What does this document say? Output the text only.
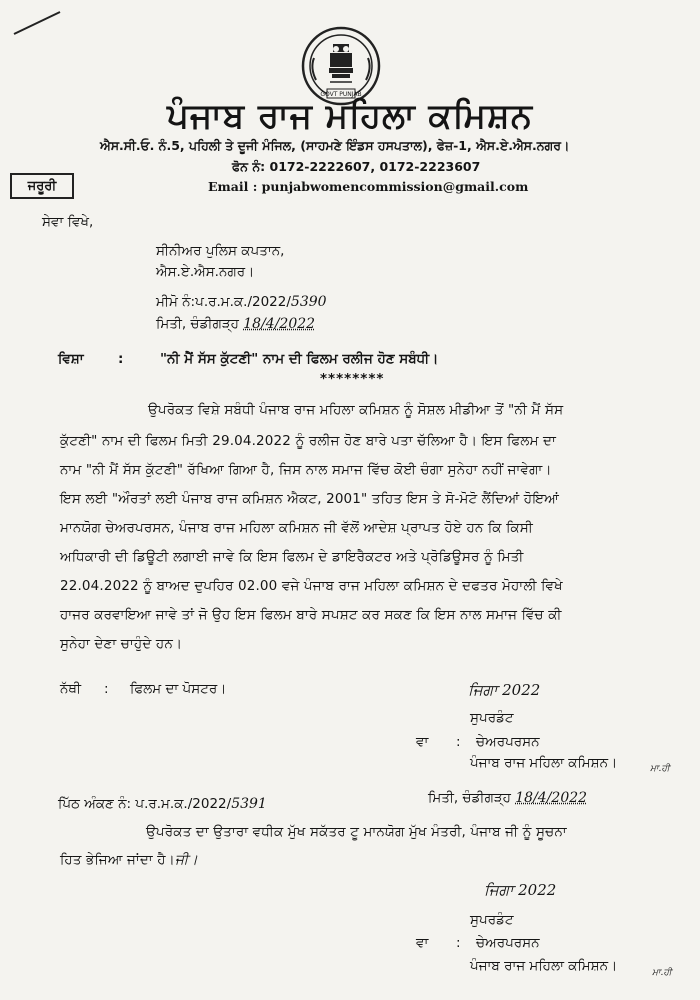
GOVT PUNJAB
ਪੰਜਾਬ ਰਾਜ ਮਹਿਲਾ ਕਮਿਸ਼ਨ
ਐਸ.ਸੀ.ਓ. ਨੰ.5, ਪਹਿਲੀ ਤੇ ਦੂਜੀ ਮੰਜਿਲ, (ਸਾਹਮਣੇ ਇੰਡਸ ਹਸਪਤਾਲ), ਫੇਜ਼-1, ਐਸ.ਏ.ਐਸ.ਨਗਰ।
ਫੋਨ ਨੰ: 0172-2222607, 0172-2223607
Email : punjabwomencommission@gmail.com
ਜਰੂਰੀ
ਸੇਵਾ ਵਿਖੇ,
ਸੀਨੀਅਰ ਪੁਲਿਸ ਕਪਤਾਨ,
ਐਸ.ਏ.ਐਸ.ਨਗਰ।
ਮੀਮੋ ਨੰ:ਪ.ਰ.ਮ.ਕ./2022/5390
ਮਿਤੀ, ਚੰਡੀਗੜ੍ਹ 18/4/2022
ਵਿਸ਼ਾ	:	"ਨੀ ਮੈਂ ਸੱਸ ਕੁੱਟਣੀ" ਨਾਮ ਦੀ ਫਿਲਮ ਰਲੀਜ ਹੋਣ ਸਬੰਧੀ।
********
ਉਪਰੋਕਤ ਵਿਸ਼ੇ ਸਬੰਧੀ ਪੰਜਾਬ ਰਾਜ ਮਹਿਲਾ ਕਮਿਸ਼ਨ ਨੂੰ ਸੋਸ਼ਲ ਮੀਡੀਆ ਤੋਂ "ਨੀ ਮੈਂ ਸੱਸ
ਕੁੱਟਣੀ" ਨਾਮ ਦੀ ਫਿਲਮ ਮਿਤੀ 29.04.2022 ਨੂੰ ਰਲੀਜ ਹੋਣ ਬਾਰੇ ਪਤਾ ਚੱਲਿਆ ਹੈ। ਇਸ ਫਿਲਮ ਦਾ
ਨਾਮ "ਨੀ ਮੈਂ ਸੱਸ ਕੁੱਟਣੀ" ਰੱਖਿਆ ਗਿਆ ਹੈ, ਜਿਸ ਨਾਲ ਸਮਾਜ ਵਿੱਚ ਕੋਈ ਚੰਗਾ ਸੁਨੇਹਾ ਨਹੀਂ ਜਾਵੇਗਾ।
ਇਸ ਲਈ "ਔਰਤਾਂ ਲਈ ਪੰਜਾਬ ਰਾਜ ਕਮਿਸ਼ਨ ਐਕਟ, 2001" ਤਹਿਤ ਇਸ ਤੇ ਸੋ-ਮੋਟੋ ਲੈਂਦਿਆਂ ਹੋਇਆਂ
ਮਾਨਯੋਗ ਚੇਅਰਪਰਸਨ, ਪੰਜਾਬ ਰਾਜ ਮਹਿਲਾ ਕਮਿਸ਼ਨ ਜੀ ਵੱਲੋਂ ਆਦੇਸ਼ ਪ੍ਰਾਪਤ ਹੋਏ ਹਨ ਕਿ ਕਿਸੀ
ਅਧਿਕਾਰੀ ਦੀ ਡਿਊਟੀ ਲਗਾਈ ਜਾਵੇ ਕਿ ਇਸ ਫਿਲਮ ਦੇ ਡਾਇਰੈਕਟਰ ਅਤੇ ਪ੍ਰੋਡਿਊਸਰ ਨੂੰ ਮਿਤੀ
22.04.2022 ਨੂੰ ਬਾਅਦ ਦੁਪਹਿਰ 02.00 ਵਜੇ ਪੰਜਾਬ ਰਾਜ ਮਹਿਲਾ ਕਮਿਸ਼ਨ ਦੇ ਦਫਤਰ ਮੋਹਾਲੀ ਵਿਖੇ
ਹਾਜਰ ਕਰਵਾਇਆ ਜਾਵੇ ਤਾਂ ਜੋ ਉਹ ਇਸ ਫਿਲਮ ਬਾਰੇ ਸਪਸ਼ਟ ਕਰ ਸਕਣ ਕਿ ਇਸ ਨਾਲ ਸਮਾਜ ਵਿੱਚ ਕੀ
ਸੁਨੇਹਾ ਦੇਣਾ ਚਾਹੁੰਦੇ ਹਨ।
ਨੱਥੀ : ਫਿਲਮ ਦਾ ਪੋਸਟਰ।	ਜਿਗਾ 2022
ਸੁਪਰਡੰਟ
ਵਾ : ਚੇਅਰਪਰਸਨ
ਪੰਜਾਬ ਰਾਜ ਮਹਿਲਾ ਕਮਿਸ਼ਨ।	ਮਾ.ਹੀ
ਪਿੱਠ ਅੰਕਣ ਨੰ: ਪ.ਰ.ਮ.ਕ./2022/5391	ਮਿਤੀ, ਚੰਡੀਗੜ੍ਹ 18/4/2022
ਉਪਰੋਕਤ ਦਾ ਉਤਾਰਾ ਵਧੀਕ ਮੁੱਖ ਸਕੱਤਰ ਟੂ ਮਾਨਯੋਗ ਮੁੱਖ ਮੰਤਰੀ, ਪੰਜਾਬ ਜੀ ਨੂੰ ਸੂਚਨਾ
ਹਿਤ ਭੇਜਿਆ ਜਾਂਦਾ ਹੈ।ਜੀ।
ਜਿਗਾ 2022
ਸੁਪਰਡੰਟ
ਵਾ : ਚੇਅਰਪਰਸਨ
ਪੰਜਾਬ ਰਾਜ ਮਹਿਲਾ ਕਮਿਸ਼ਨ।	ਮਾ.ਹੀ
